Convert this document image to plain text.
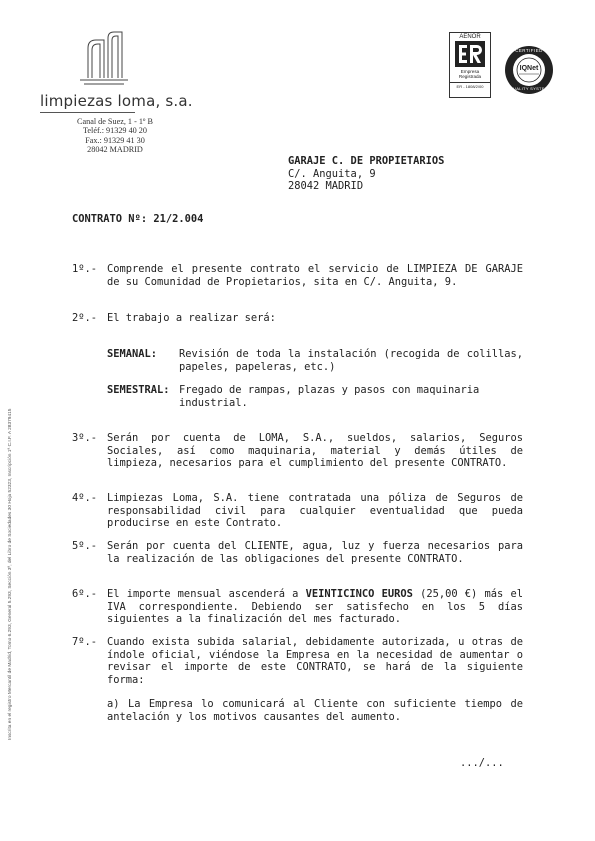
limpiezas loma, s.a.
Canal de Suez, 1 - 1º B
Teléf.: 91329 40 20
Fax.: 91329 41 30
28042 MADRID
AENOR
Empresa
Registrada
ER - 1808/2/00
CERTIFIED
IQNet
QUALITY SYSTEM
GARAJE C. DE PROPIETARIOS
C/. Anguita, 9
28042 MADRID
CONTRATO Nº: 21/2.004
1º.- Comprende el presente contrato el servicio de LIMPIEZA DE GARAJE de su Comunidad de Propietarios, sita en C/. Anguita, 9.
2º.- El trabajo a realizar será:
SEMANAL: Revisión de toda la instalación (recogida de colillas, papeles, papeleras, etc.)
SEMESTRAL: Fregado de rampas, plazas y pasos con maquinaria industrial.
3º.- Serán por cuenta de LOMA, S.A., sueldos, salarios, Seguros Sociales, así como maquinaria, material y demás útiles de limpieza, necesarios para el cumplimiento del presente CONTRATO.
4º.- Limpiezas Loma, S.A. tiene contratada una póliza de Seguros de responsabilidad civil para cualquier eventualidad que pueda producirse en este Contrato.
5º.- Serán por cuenta del CLIENTE, agua, luz y fuerza necesarios para la realización de las obligaciones del presente CONTRATO.
6º.- El importe mensual ascenderá a VEINTICINCO EUROS (25,00 €) más el IVA correspondiente. Debiendo ser satisfecho en los 5 días siguientes a la finalización del mes facturado.
7º.- Cuando exista subida salarial, debidamente autorizada, u otras de índole oficial, viéndose la Empresa en la necesidad de aumentar o revisar el importe de este CONTRATO, se hará de la siguiente forma:
a) La Empresa lo comunicará al Cliente con suficiente tiempo de antelación y los motivos causantes del aumento.
.../...
Inscrita en el registro Mercantil de Madrid, Tomo 6.293, General 5.293, Sección 3ª, del Libro de Sociedades 30 Hoja 52323, Inscripción 1ª C.I.F. A 28379415
